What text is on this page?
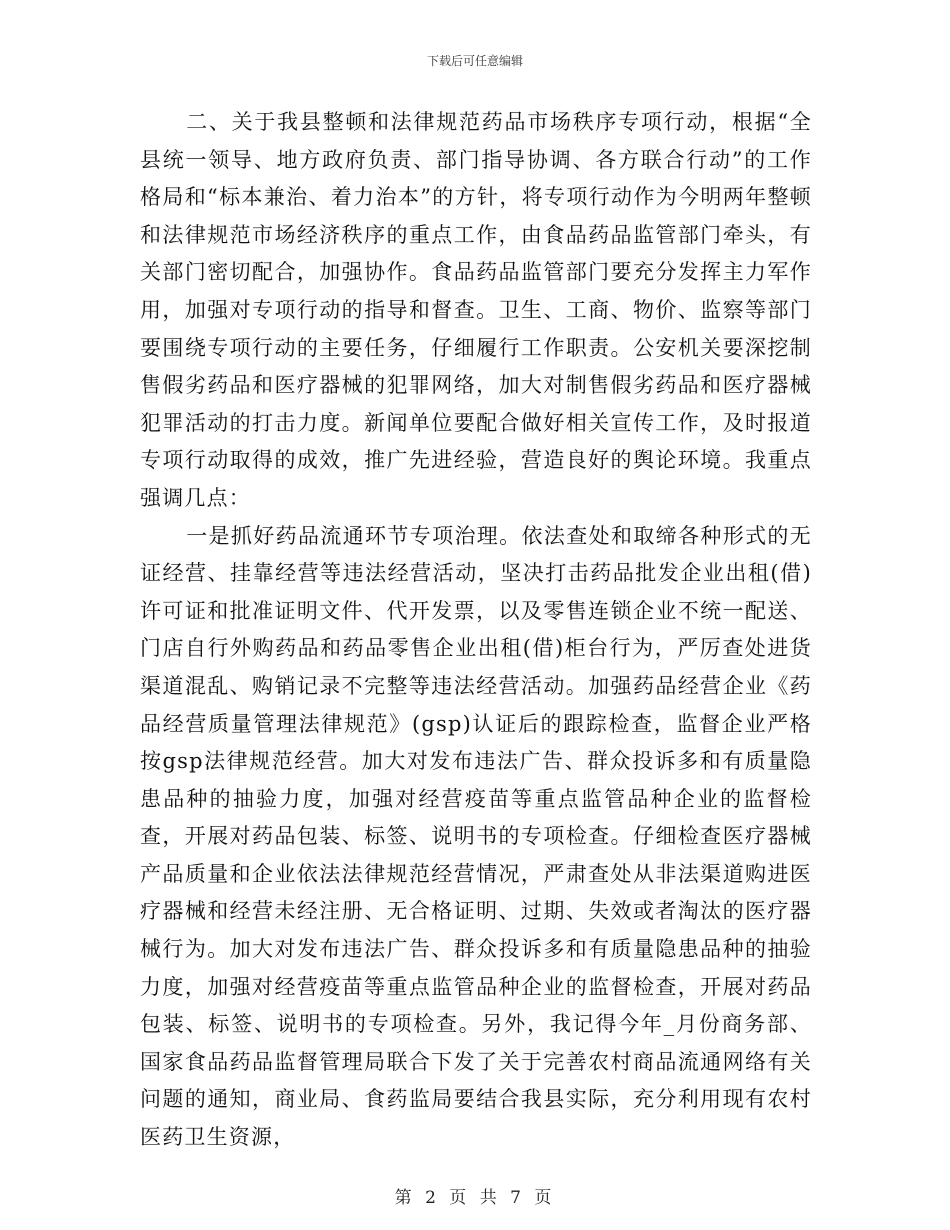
下载后可任意编辑

二、关于我县整顿和法律规范药品市场秩序专项行动，根据“全县统一领导、地方政府负责、部门指导协调、各方联合行动”的工作格局和“标本兼治、着力治本”的方针，将专项行动作为今明两年整顿和法律规范市场经济秩序的重点工作，由食品药品监管部门牵头，有关部门密切配合，加强协作。食品药品监管部门要充分发挥主力军作用，加强对专项行动的指导和督查。卫生、工商、物价、监察等部门要围绕专项行动的主要任务，仔细履行工作职责。公安机关要深挖制售假劣药品和医疗器械的犯罪网络，加大对制售假劣药品和医疗器械犯罪活动的打击力度。新闻单位要配合做好相关宣传工作，及时报道专项行动取得的成效，推广先进经验，营造良好的舆论环境。我重点强调几点：

一是抓好药品流通环节专项治理。依法查处和取缔各种形式的无证经营、挂靠经营等违法经营活动，坚决打击药品批发企业出租(借)许可证和批准证明文件、代开发票，以及零售连锁企业不统一配送、门店自行外购药品和药品零售企业出租(借)柜台行为，严厉查处进货渠道混乱、购销记录不完整等违法经营活动。加强药品经营企业《药品经营质量管理法律规范》(gsp)认证后的跟踪检查，监督企业严格按gsp法律规范经营。加大对发布违法广告、群众投诉多和有质量隐患品种的抽验力度，加强对经营疫苗等重点监管品种企业的监督检查，开展对药品包装、标签、说明书的专项检查。仔细检查医疗器械产品质量和企业依法法律规范经营情况，严肃查处从非法渠道购进医疗器械和经营未经注册、无合格证明、过期、失效或者淘汰的医疗器械行为。加大对发布违法广告、群众投诉多和有质量隐患品种的抽验力度，加强对经营疫苗等重点监管品种企业的监督检查，开展对药品包装、标签、说明书的专项检查。另外，我记得今年_月份商务部、国家食品药品监督管理局联合下发了关于完善农村商品流通网络有关问题的通知，商业局、食药监局要结合我县实际，充分利用现有农村医药卫生资源，

第 2 页 共 7 页
